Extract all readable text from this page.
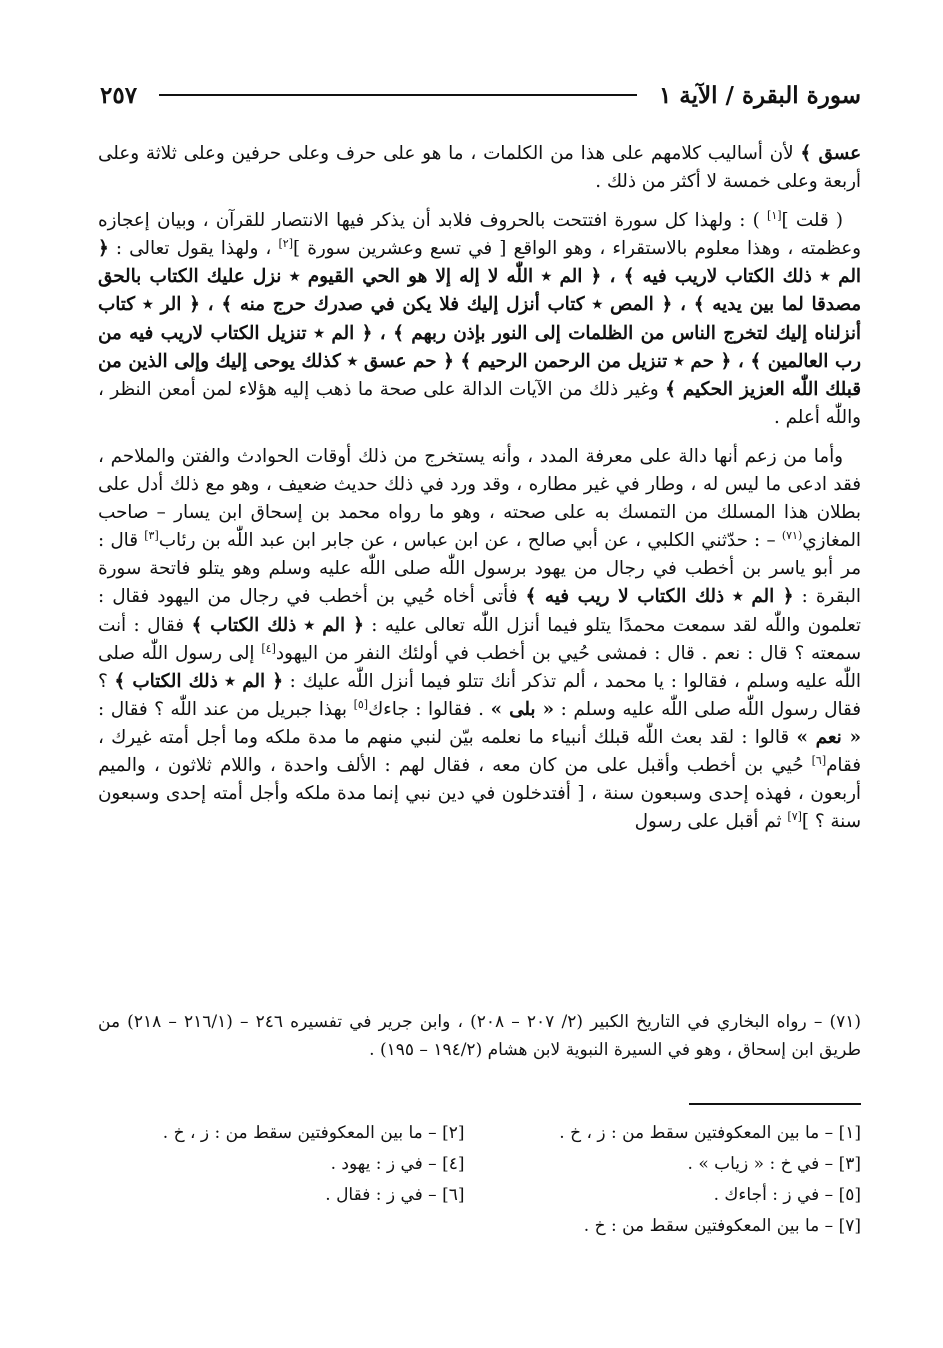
سورة البقرة / الآية ١
٢٥٧

عسق ﴾ لأن أساليب كلامهم على هذا من الكلمات ، ما هو على حرف وعلى حرفين وعلى ثلاثة وعلى أربعة وعلى خمسة لا أكثر من ذلك .

( قلت ][١] ) : ولهذا كل سورة افتتحت بالحروف فلابد أن يذكر فيها الانتصار للقرآن ، وبيان إعجازه وعظمته ، وهذا معلوم بالاستقراء ، وهو الواقع [ في تسع وعشرين سورة ][٢] ، ولهذا يقول تعالى : ﴿ الم ٭ ذلك الكتاب لاريب فيه ﴾ ، ﴿ الم ٭ اللّٰه لا إله إلا هو الحي القيوم ٭ نزل عليك الكتاب بالحق مصدقا لما بين يديه ﴾ ، ﴿ المص ٭ كتاب أنزل إليك فلا يكن في صدرك حرج منه ﴾ ، ﴿ الر ٭ كتاب أنزلناه إليك لتخرج الناس من الظلمات إلى النور بإذن ربهم ﴾ ، ﴿ الم ٭ تنزيل الكتاب لاريب فيه من رب العالمين ﴾ ، ﴿ حم ٭ تنزيل من الرحمن الرحيم ﴾ ﴿ حم عسق ٭ كذلك يوحى إليك وإلى الذين من قبلك اللّٰه العزيز الحكيم ﴾ وغير ذلك من الآيات الدالة على صحة ما ذهب إليه هؤلاء لمن أمعن النظر ، واللّٰه أعلم .

وأما من زعم أنها دالة على معرفة المدد ، وأنه يستخرج من ذلك أوقات الحوادث والفتن والملاحم ، فقد ادعى ما ليس له ، وطار في غير مطاره ، وقد ورد في ذلك حديث ضعيف ، وهو مع ذلك أدل على بطلان هذا المسلك من التمسك به على صحته ، وهو ما رواه محمد بن إسحاق ابن يسار – صاحب المغازي$^{(٧١)}$ – : حدّثني الكلبي ، عن أبي صالح ، عن ابن عباس ، عن جابر ابن عبد اللّٰه بن رئاب[٣] قال : مر أبو ياسر بن أخطب في رجال من يهود برسول اللّٰه صلى اللّٰه عليه وسلم وهو يتلو فاتحة سورة البقرة : ﴿ الم ٭ ذلك الكتاب لا ريب فيه ﴾ فأتى أخاه حُيي بن أخطب في رجال من اليهود فقال : تعلمون واللّٰه لقد سمعت محمدًا يتلو فيما أنزل اللّٰه تعالى عليه : ﴿ الم ٭ ذلك الكتاب ﴾ فقال : أنت سمعته ؟ قال : نعم . قال : فمشى حُيي بن أخطب في أولئك النفر من اليهود[٤] إلى رسول اللّٰه صلى اللّٰه عليه وسلم ، فقالوا : يا محمد ، ألم تذكر أنك تتلو فيما أنزل اللّٰه عليك : ﴿ الم ٭ ذلك الكتاب ﴾ ؟ فقال رسول اللّٰه صلى اللّٰه عليه وسلم : « بلى » . فقالوا : جاءك[٥] بهذا جبريل من عند اللّٰه ؟ فقال : « نعم » قالوا : لقد بعث اللّٰه قبلك أنبياء ما نعلمه بيّن لنبي منهم ما مدة ملكه وما أجل أمته غيرك ، فقام[٦] حُيي بن أخطب وأقبل على من كان معه ، فقال لهم : الألف واحدة ، واللام ثلاثون ، والميم أربعون ، فهذه إحدى وسبعون سنة ، [ أفتدخلون في دين نبي إنما مدة ملكه وأجل أمته إحدى وسبعون سنة ؟ ][٧] ثم أقبل على رسول

(٧١) – رواه البخاري في التاريخ الكبير (٢/ ٢٠٧ – ٢٠٨) ، وابن جرير في تفسيره ٢٤٦ – (٢١٦/١ – ٢١٨) من طريق ابن إسحاق ، وهو في السيرة النبوية لابن هشام (١٩٤/٢ – ١٩٥) .
[١] – ما بين المعكوفتين سقط من : ز ، خ .
[٢] – ما بين المعكوفتين سقط من : ز ، خ .
[٣] – في خ : « زياب » .
[٤] – في ز : يهود .
[٥] – في ز : أجاءك .
[٦] – في ز : فقال .
[٧] – ما بين المعكوفتين سقط من : خ .
